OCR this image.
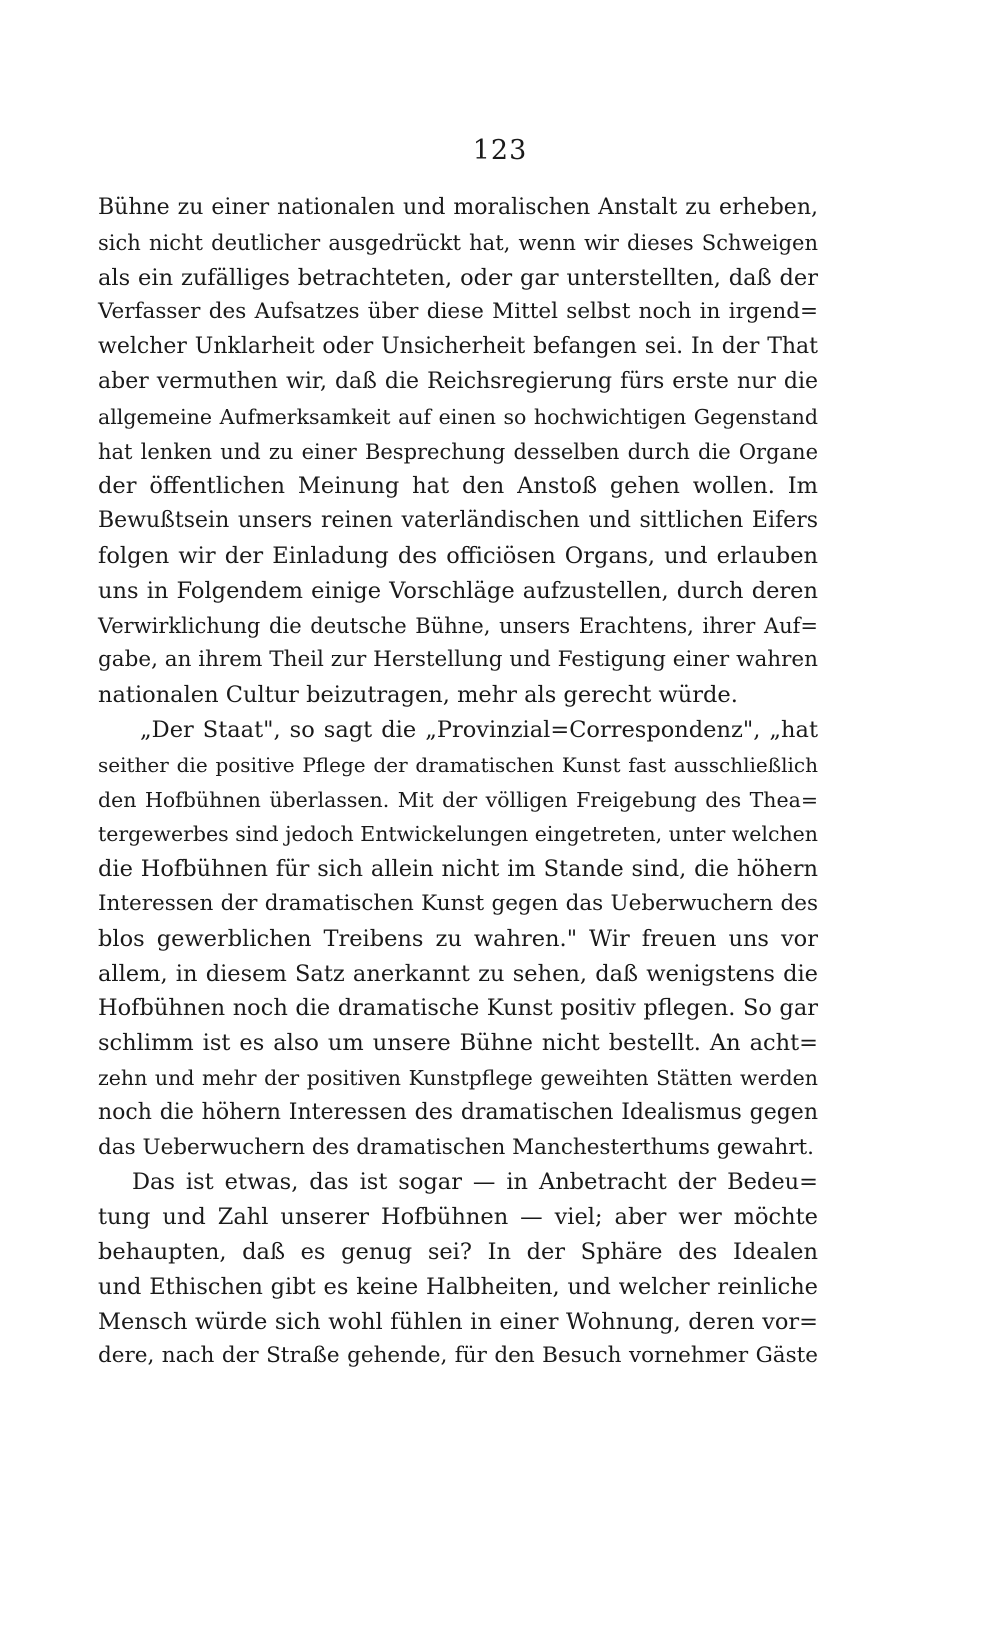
123
Bühne zu einer nationalen und moralischen Anstalt zu erheben,
sich nicht deutlicher ausgedrückt hat, wenn wir dieses Schweigen
als ein zufälliges betrachteten, oder gar unterstellten, daß der
Verfasser des Aufsatzes über diese Mittel selbst noch in irgend=
welcher Unklarheit oder Unsicherheit befangen sei. In der That
aber vermuthen wir, daß die Reichsregierung fürs erste nur die
allgemeine Aufmerksamkeit auf einen so hochwichtigen Gegenstand
hat lenken und zu einer Besprechung desselben durch die Organe
der öffentlichen Meinung hat den Anstoß gehen wollen. Im
Bewußtsein unsers reinen vaterländischen und sittlichen Eifers
folgen wir der Einladung des officiösen Organs, und erlauben
uns in Folgendem einige Vorschläge aufzustellen, durch deren
Verwirklichung die deutsche Bühne, unsers Erachtens, ihrer Auf=
gabe, an ihrem Theil zur Herstellung und Festigung einer wahren
nationalen Cultur beizutragen, mehr als gerecht würde.
„Der Staat", so sagt die „Provinzial=Correspondenz", „hat
seither die positive Pflege der dramatischen Kunst fast ausschließlich
den Hofbühnen überlassen. Mit der völligen Freigebung des Thea=
tergewerbes sind jedoch Entwickelungen eingetreten, unter welchen
die Hofbühnen für sich allein nicht im Stande sind, die höhern
Interessen der dramatischen Kunst gegen das Ueberwuchern des
blos gewerblichen Treibens zu wahren." Wir freuen uns vor
allem, in diesem Satz anerkannt zu sehen, daß wenigstens die
Hofbühnen noch die dramatische Kunst positiv pflegen. So gar
schlimm ist es also um unsere Bühne nicht bestellt. An acht=
zehn und mehr der positiven Kunstpflege geweihten Stätten werden
noch die höhern Interessen des dramatischen Idealismus gegen
das Ueberwuchern des dramatischen Manchesterthums gewahrt.
Das ist etwas, das ist sogar — in Anbetracht der Bedeu=
tung und Zahl unserer Hofbühnen — viel; aber wer möchte
behaupten, daß es genug sei? In der Sphäre des Idealen
und Ethischen gibt es keine Halbheiten, und welcher reinliche
Mensch würde sich wohl fühlen in einer Wohnung, deren vor=
dere, nach der Straße gehende, für den Besuch vornehmer Gäste
